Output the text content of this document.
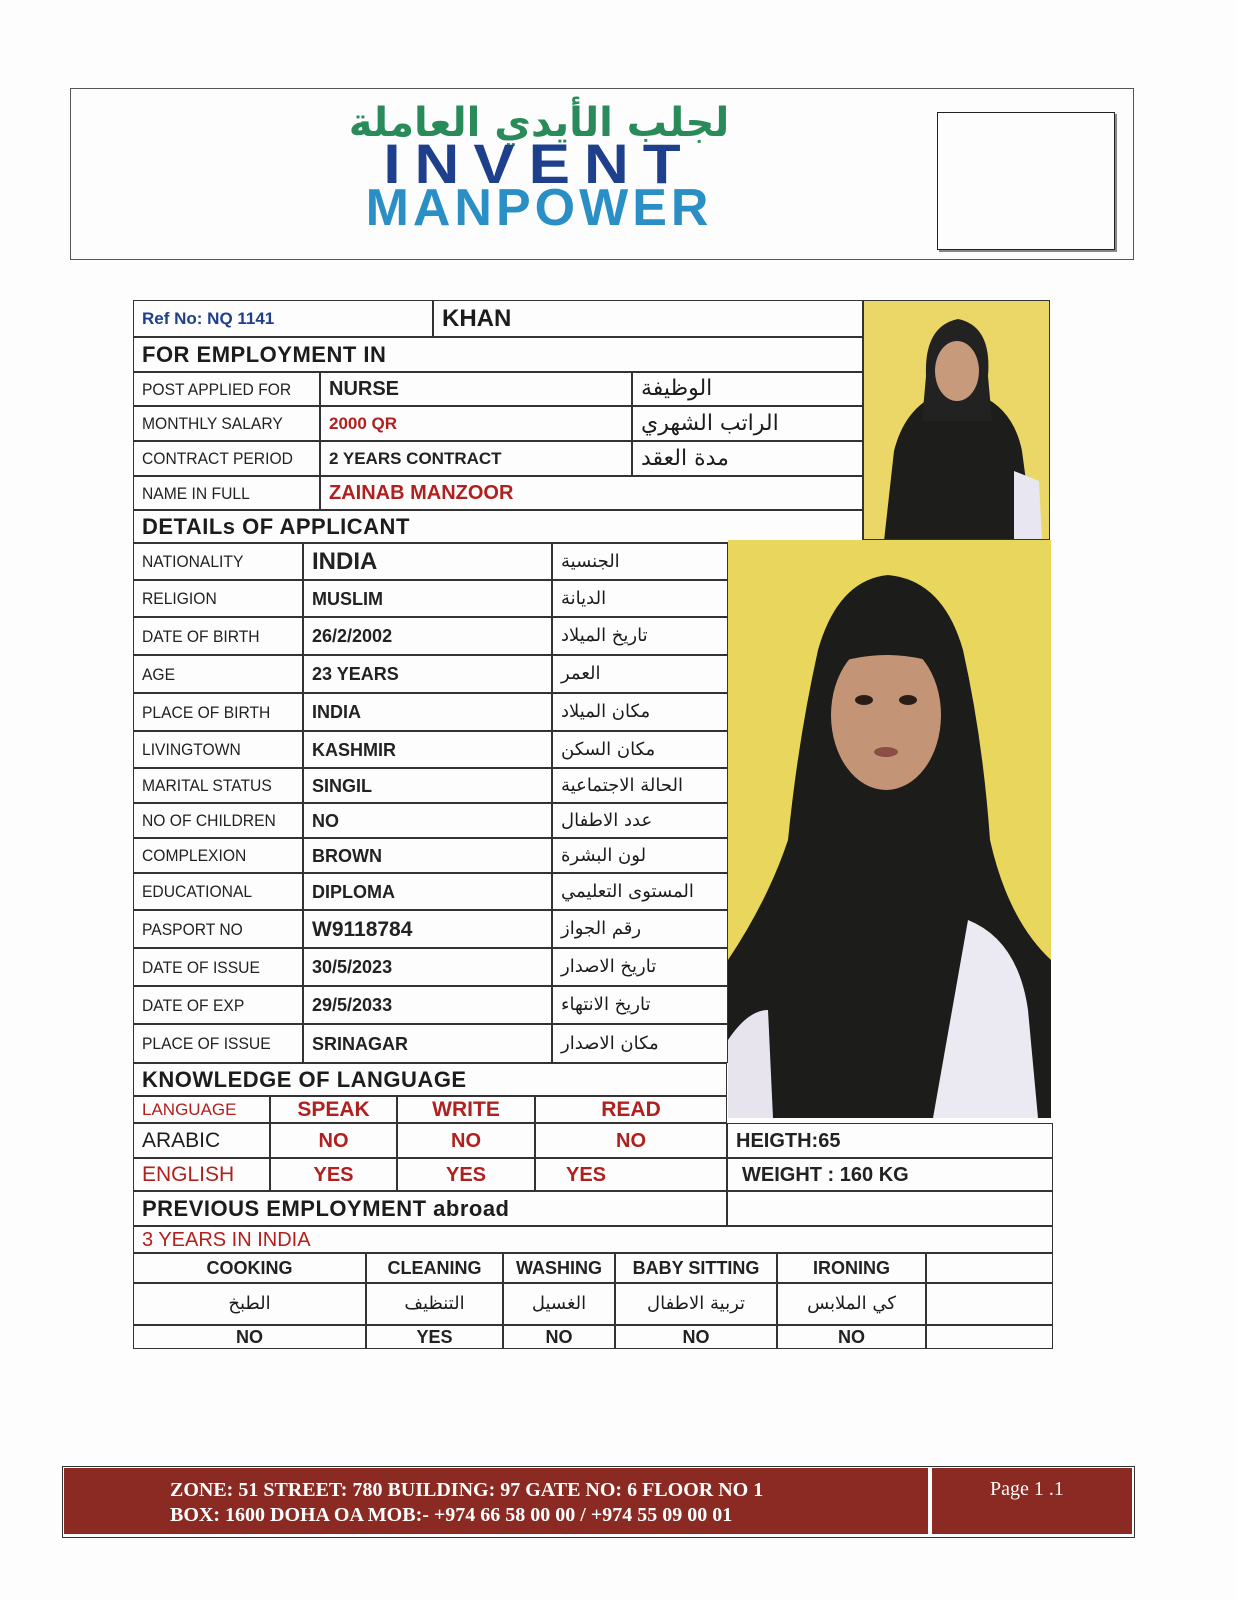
لجلب الأيدي العاملة
INVENT
MANPOWER
Ref No: NQ 1141	KHAN
FOR EMPLOYMENT IN
POST APPLIED FOR	NURSE	الوظيفة
MONTHLY SALARY	2000 QR	الراتب الشهري
CONTRACT PERIOD	2 YEARS CONTRACT	مدة العقد
NAME IN FULL	ZAINAB MANZOOR
DETAILs OF APPLICANT
NATIONALITY	INDIA	الجنسية
RELIGION	MUSLIM	الديانة
DATE OF BIRTH	26/2/2002	تاريخ الميلاد
AGE	23 YEARS	العمر
PLACE OF BIRTH	INDIA	مكان الميلاد
LIVINGTOWN	KASHMIR	مكان السكن
MARITAL STATUS	SINGIL	الحالة الاجتماعية
NO OF CHILDREN	NO	عدد الاطفال
COMPLEXION	BROWN	لون البشرة
EDUCATIONAL	DIPLOMA	المستوى التعليمي
PASPORT NO	W9118784	رقم الجواز
DATE OF ISSUE	30/5/2023	تاريخ الاصدار
DATE OF EXP	29/5/2033	تاريخ الانتهاء
PLACE OF ISSUE	SRINAGAR	مكان الاصدار
KNOWLEDGE OF LANGUAGE
LANGUAGE	SPEAK	WRITE	READ
ARABIC	NO	NO	NO	HEIGTH:65
ENGLISH	YES	YES	YES	WEIGHT : 160 KG
PREVIOUS EMPLOYMENT abroad
3 YEARS IN INDIA
COOKING	CLEANING	WASHING	BABY SITTING	IRONING
الطبخ	التنظيف	الغسيل	تربية الاطفال	كي الملابس
NO	YES	NO	NO	NO
ZONE: 51 STREET: 780 BUILDING: 97 GATE NO: 6 FLOOR NO 1
BOX: 1600 DOHA OA MOB:- +974 66 58 00 00 / +974 55 09 00 01
Page 1 .1
